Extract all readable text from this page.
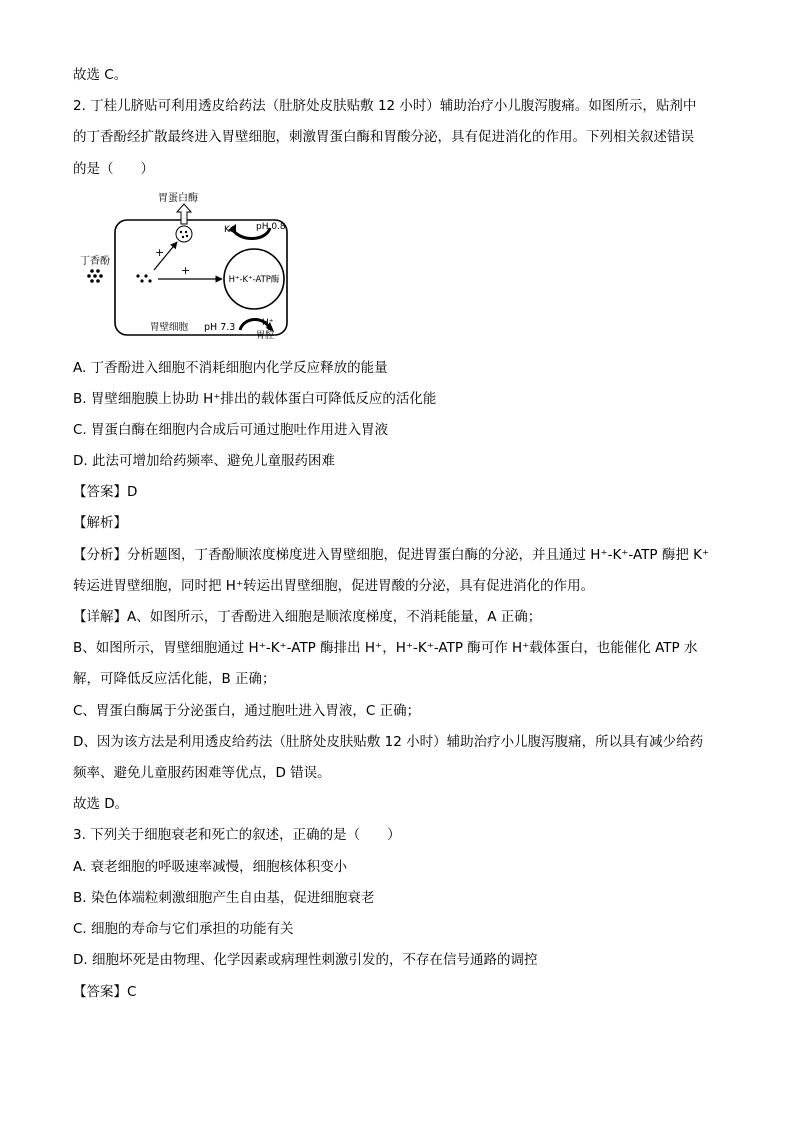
故选 C。
2. 丁桂儿脐贴可利用透皮给药法（肚脐处皮肤贴敷 12 小时）辅助治疗小儿腹泻腹痛。如图所示，贴剂中
的丁香酚经扩散最终进入胃壁细胞，刺激胃蛋白酶和胃酸分泌，具有促进消化的作用。下列相关叙述错误
的是（　　）
A. 丁香酚进入细胞不消耗细胞内化学反应释放的能量
B. 胃壁细胞膜上协助 H⁺排出的载体蛋白可降低反应的活化能
C. 胃蛋白酶在细胞内合成后可通过胞吐作用进入胃液
D. 此法可增加给药频率、避免儿童服药困难
【答案】D
【解析】
【分析】分析题图，丁香酚顺浓度梯度进入胃壁细胞，促进胃蛋白酶的分泌，并且通过 H⁺-K⁺-ATP 酶把 K⁺
转运进胃壁细胞，同时把 H⁺转运出胃壁细胞，促进胃酸的分泌，具有促进消化的作用。
【详解】A、如图所示，丁香酚进入细胞是顺浓度梯度，不消耗能量，A 正确；
B、如图所示，胃壁细胞通过 H⁺-K⁺-ATP 酶排出 H⁺，H⁺-K⁺-ATP 酶可作 H⁺载体蛋白，也能催化 ATP 水
解，可降低反应活化能，B 正确；
C、胃蛋白酶属于分泌蛋白，通过胞吐进入胃液，C 正确；
D、因为该方法是利用透皮给药法（肚脐处皮肤贴敷 12 小时）辅助治疗小儿腹泻腹痛，所以具有减少给药
频率、避免儿童服药困难等优点，D 错误。
故选 D。
3. 下列关于细胞衰老和死亡的叙述，正确的是（　　）
A. 衰老细胞的呼吸速率减慢，细胞核体积变小
B. 染色体端粒刺激细胞产生自由基，促进细胞衰老
C. 细胞的寿命与它们承担的功能有关
D. 细胞坏死是由物理、化学因素或病理性刺激引发的，不存在信号通路的调控
【答案】C
胃蛋白酶
丁香酚
+
+
H⁺-K⁺-ATP酶
K⁺ pH 0.8
H⁺
胃腔
胃壁细胞 pH 7.3
